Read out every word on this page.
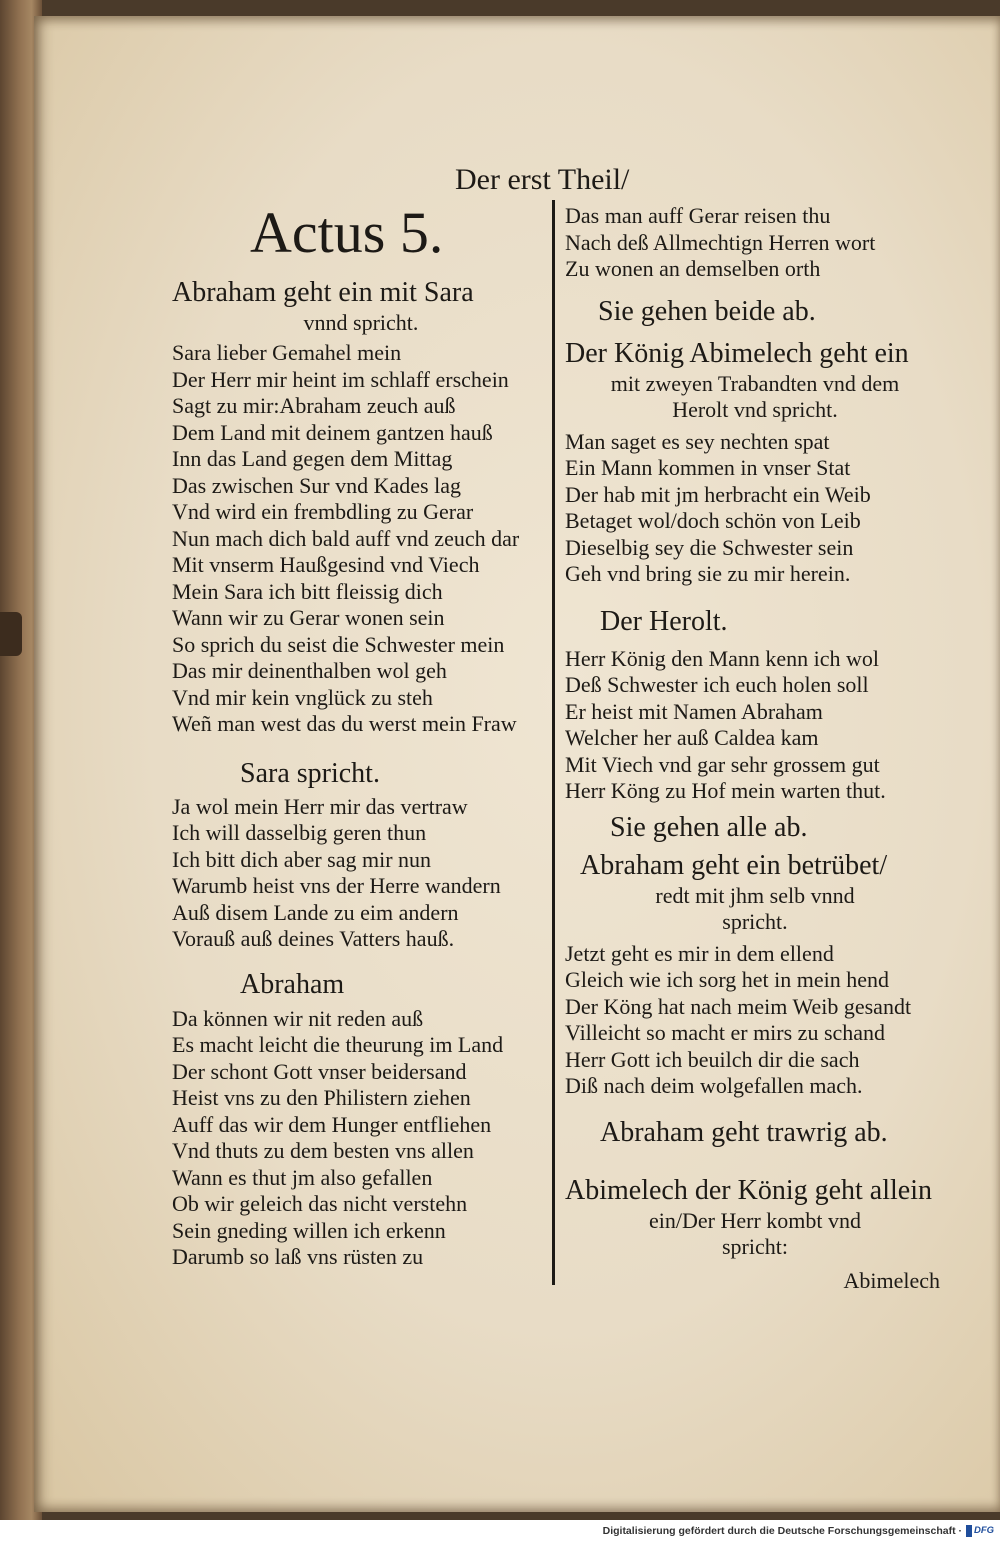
Der erst Theil/
Actus 5.
Abraham geht ein mit Sara
vnnd spricht.
Sara lieber Gemahel mein
Der Herr mir heint im schlaff erschein
Sagt zu mir:Abraham zeuch auß
Dem Land mit deinem gantzen hauß
Inn das Land gegen dem Mittag
Das zwischen Sur vnd Kades lag
Vnd wird ein frembdling zu Gerar
Nun mach dich bald auff vnd zeuch dar
Mit vnserm Haußgesind vnd Viech
Mein Sara ich bitt fleissig dich
Wann wir zu Gerar wonen sein
So sprich du seist die Schwester mein
Das mir deinenthalben wol geh
Vnd mir kein vnglück zu steh
Weñ man west das du werst mein Fraw
Sara spricht.
Ja wol mein Herr mir das vertraw
Ich will dasselbig geren thun
Ich bitt dich aber sag mir nun
Warumb heist vns der Herre wandern
Auß disem Lande zu eim andern
Vorauß auß deines Vatters hauß.
Abraham
Da können wir nit reden auß
Es macht leicht die theurung im Land
Der schont Gott vnser beidersand
Heist vns zu den Philistern ziehen
Auff das wir dem Hunger entfliehen
Vnd thuts zu dem besten vns allen
Wann es thut jm also gefallen
Ob wir geleich das nicht verstehn
Sein gneding willen ich erkenn
Darumb so laß vns rüsten zu
Das man auff Gerar reisen thu
Nach deß Allmechtign Herren wort
Zu wonen an demselben orth
Sie gehen beide ab.
Der König Abimelech geht ein
mit zweyen Trabandten vnd dem
Herolt vnd spricht.
Man saget es sey nechten spat
Ein Mann kommen in vnser Stat
Der hab mit jm herbracht ein Weib
Betaget wol/doch schön von Leib
Dieselbig sey die Schwester sein
Geh vnd bring sie zu mir herein.
Der Herolt.
Herr König den Mann kenn ich wol
Deß Schwester ich euch holen soll
Er heist mit Namen Abraham
Welcher her auß Caldea kam
Mit Viech vnd gar sehr grossem gut
Herr Köng zu Hof mein warten thut.
Sie gehen alle ab.
Abraham geht ein betrübet/
redt mit jhm selb vnnd
spricht.
Jetzt geht es mir in dem ellend
Gleich wie ich sorg het in mein hend
Der Köng hat nach meim Weib gesandt
Villeicht so macht er mirs zu schand
Herr Gott ich beuilch dir die sach
Diß nach deim wolgefallen mach.
Abraham geht trawrig ab.
Abimelech der König geht allein
ein/Der Herr kombt vnd
spricht:
Abimelech
Digitalisierung gefördert durch die Deutsche Forschungsgemeinschaft · DFG
